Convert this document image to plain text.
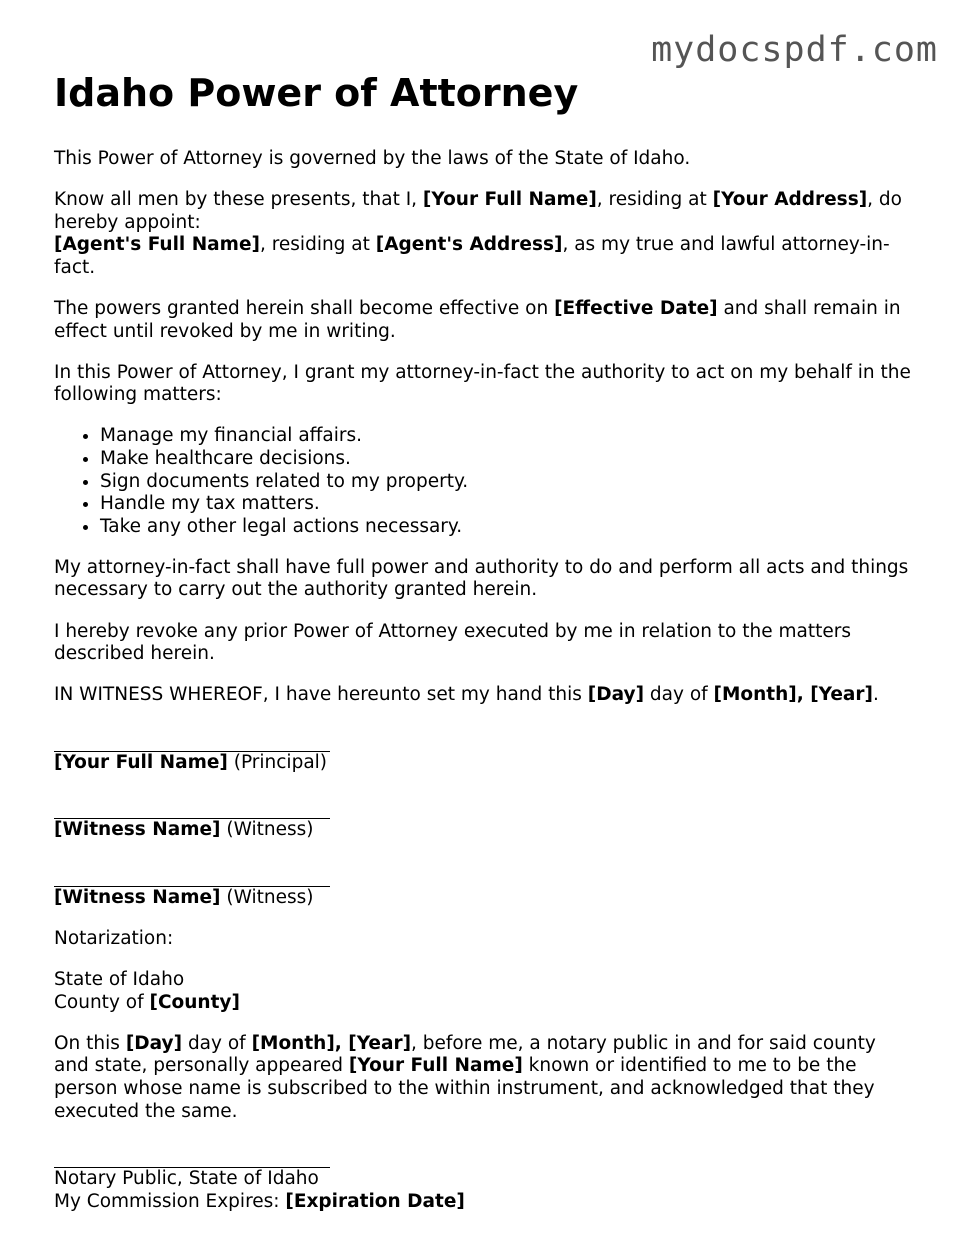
mydocspdf.com
Idaho Power of Attorney

This Power of Attorney is governed by the laws of the State of Idaho.

Know all men by these presents, that I, [Your Full Name], residing at [Your Address], do hereby appoint:
[Agent's Full Name], residing at [Agent's Address], as my true and lawful attorney-in-fact.

The powers granted herein shall become effective on [Effective Date] and shall remain in effect until revoked by me in writing.

In this Power of Attorney, I grant my attorney-in-fact the authority to act on my behalf in the following matters:

• Manage my financial affairs.
• Make healthcare decisions.
• Sign documents related to my property.
• Handle my tax matters.
• Take any other legal actions necessary.

My attorney-in-fact shall have full power and authority to do and perform all acts and things necessary to carry out the authority granted herein.

I hereby revoke any prior Power of Attorney executed by me in relation to the matters described herein.

IN WITNESS WHEREOF, I have hereunto set my hand this [Day] day of [Month], [Year].

[Your Full Name] (Principal)
[Witness Name] (Witness)
[Witness Name] (Witness)

Notarization:

State of Idaho
County of [County]

On this [Day] day of [Month], [Year], before me, a notary public in and for said county and state, personally appeared [Your Full Name] known or identified to me to be the person whose name is subscribed to the within instrument, and acknowledged that they executed the same.

Notary Public, State of Idaho
My Commission Expires: [Expiration Date]
